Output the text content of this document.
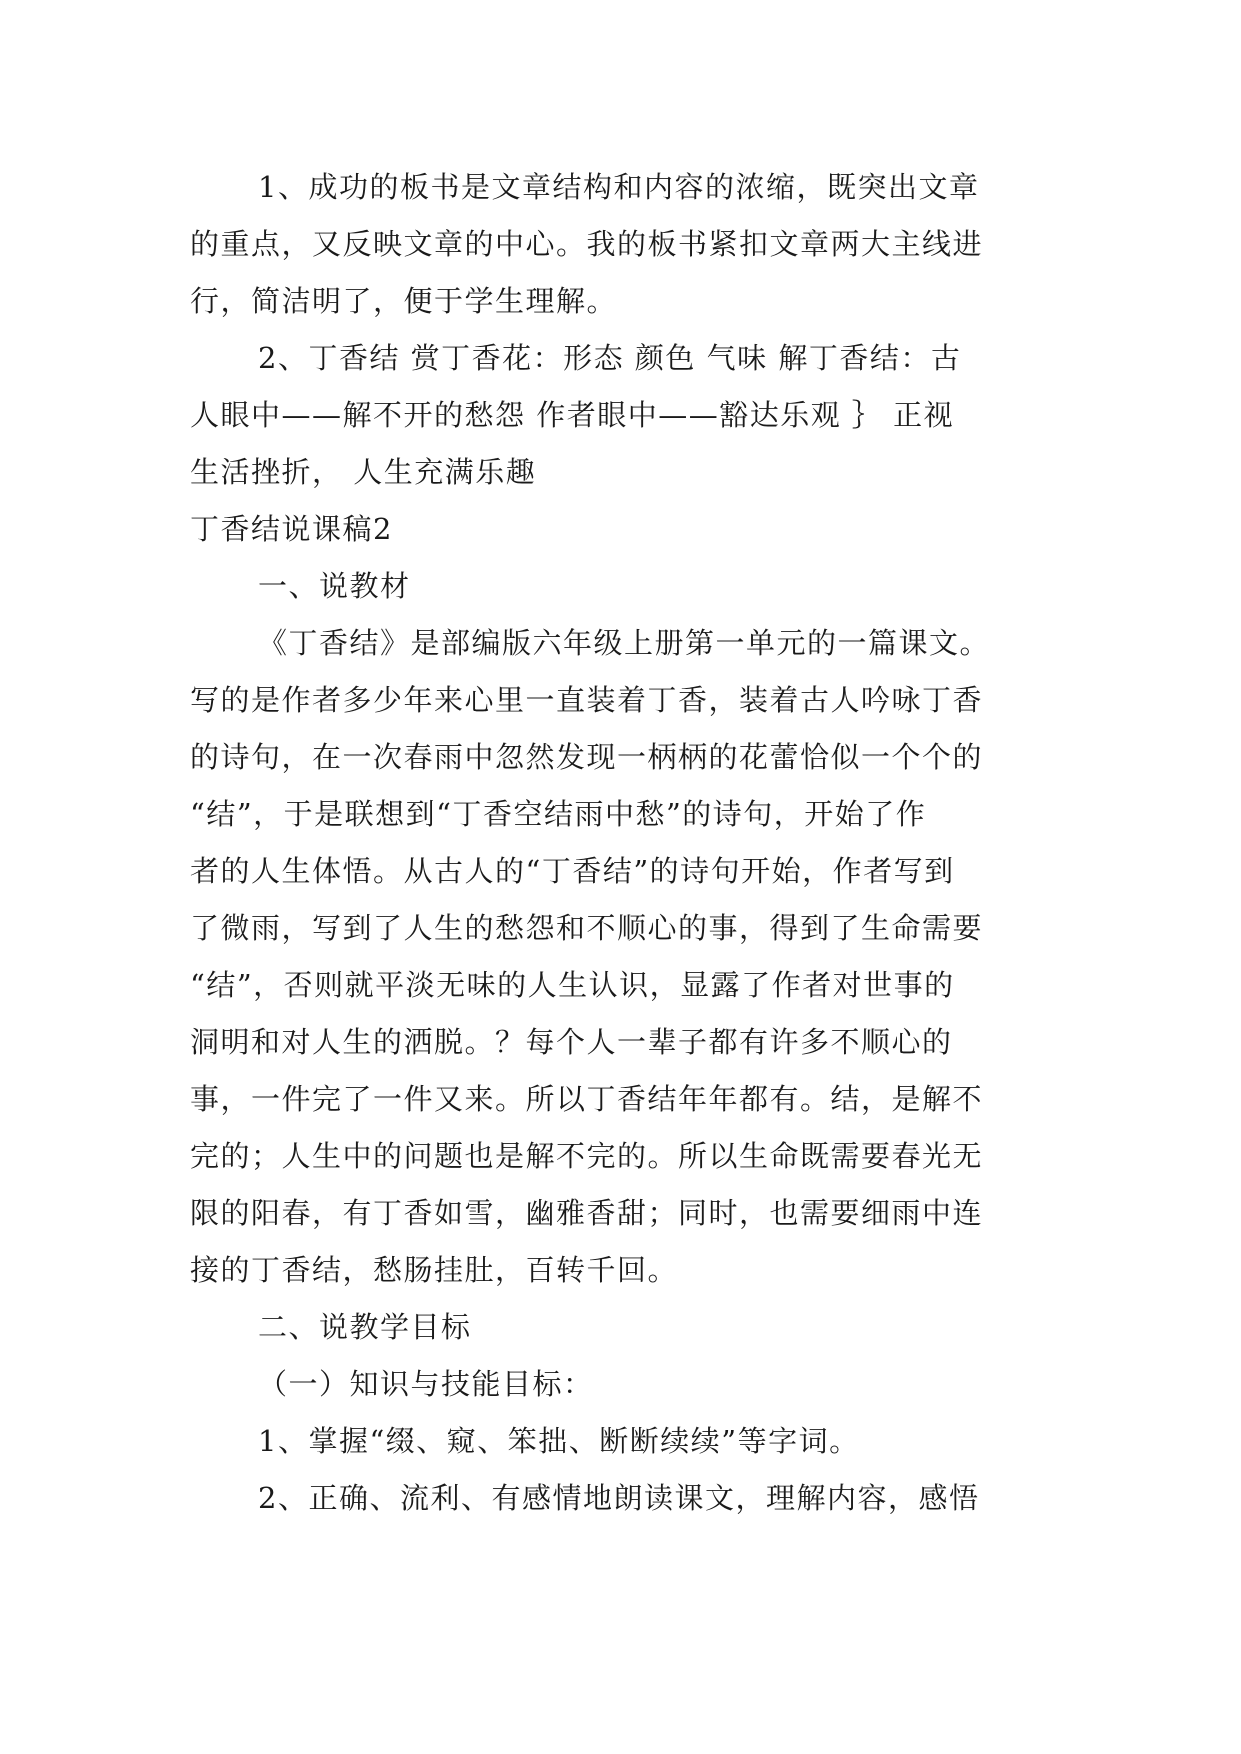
1、成功的板书是文章结构和内容的浓缩，既突出文章
的重点，又反映文章的中心。我的板书紧扣文章两大主线进
行，简洁明了，便于学生理解。
2、丁香结 赏丁香花：形态 颜色 气味 解丁香结：古
人眼中——解不开的愁怨 作者眼中——豁达乐观 ｝ 正视
生活挫折， 人生充满乐趣
丁香结说课稿2
一、说教材
《丁香结》是部编版六年级上册第一单元的一篇课文。
写的是作者多少年来心里一直装着丁香，装着古人吟咏丁香
的诗句，在一次春雨中忽然发现一柄柄的花蕾恰似一个个的
“结”，于是联想到“丁香空结雨中愁”的诗句，开始了作
者的人生体悟。从古人的“丁香结”的诗句开始，作者写到
了微雨，写到了人生的愁怨和不顺心的事，得到了生命需要
“结”，否则就平淡无味的人生认识，显露了作者对世事的
洞明和对人生的洒脱。？每个人一辈子都有许多不顺心的
事，一件完了一件又来。所以丁香结年年都有。结，是解不
完的；人生中的问题也是解不完的。所以生命既需要春光无
限的阳春，有丁香如雪，幽雅香甜；同时，也需要细雨中连
接的丁香结，愁肠挂肚，百转千回。
二、说教学目标
（一）知识与技能目标：
1、掌握“缀、窥、笨拙、断断续续”等字词。
2、正确、流利、有感情地朗读课文，理解内容，感悟
